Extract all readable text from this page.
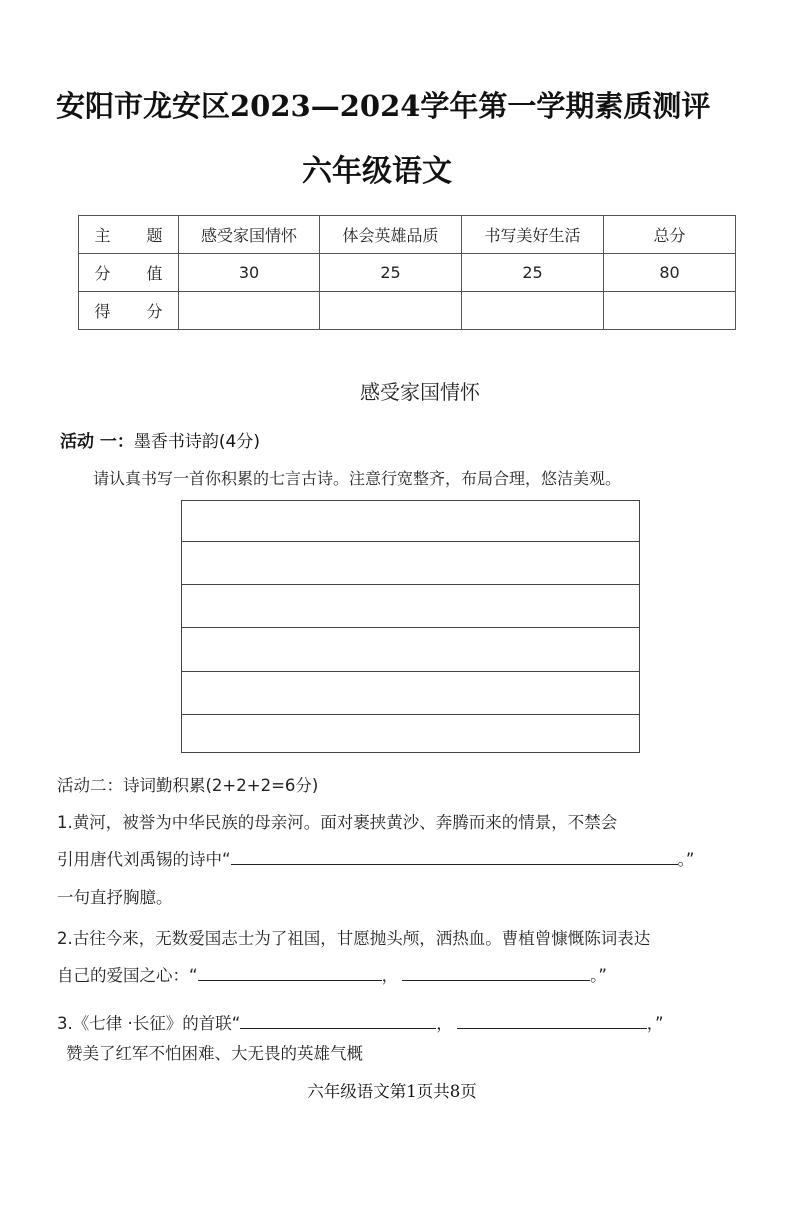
安阳市龙安区2023—2024学年第一学期素质测评
六年级语文
主　题	感受家国情怀	体会英雄品质	书写美好生活	总分
分　值	30	25	25	80
得　分				
感受家国情怀
活动 一：墨香书诗韵(4分)
请认真书写一首你积累的七言古诗。注意行宽整齐，布局合理，悠洁美观。
活动二：诗词勤积累(2+2+2=6分)
1.黄河，被誉为中华民族的母亲河。面对裹挟黄沙、奔腾而来的情景，不禁会
引用唐代刘禹锡的诗中“	。”
一句直抒胸臆。
2.古往今来，无数爱国志士为了祖国，甘愿抛头颅，洒热血。曹植曾慷慨陈词表达
自己的爱国之心：“	，	。”
3.《七律 ·长征》的首联“	，	，”
赞美了红军不怕困难、大无畏的英雄气概
六年级语文第1页共8页
